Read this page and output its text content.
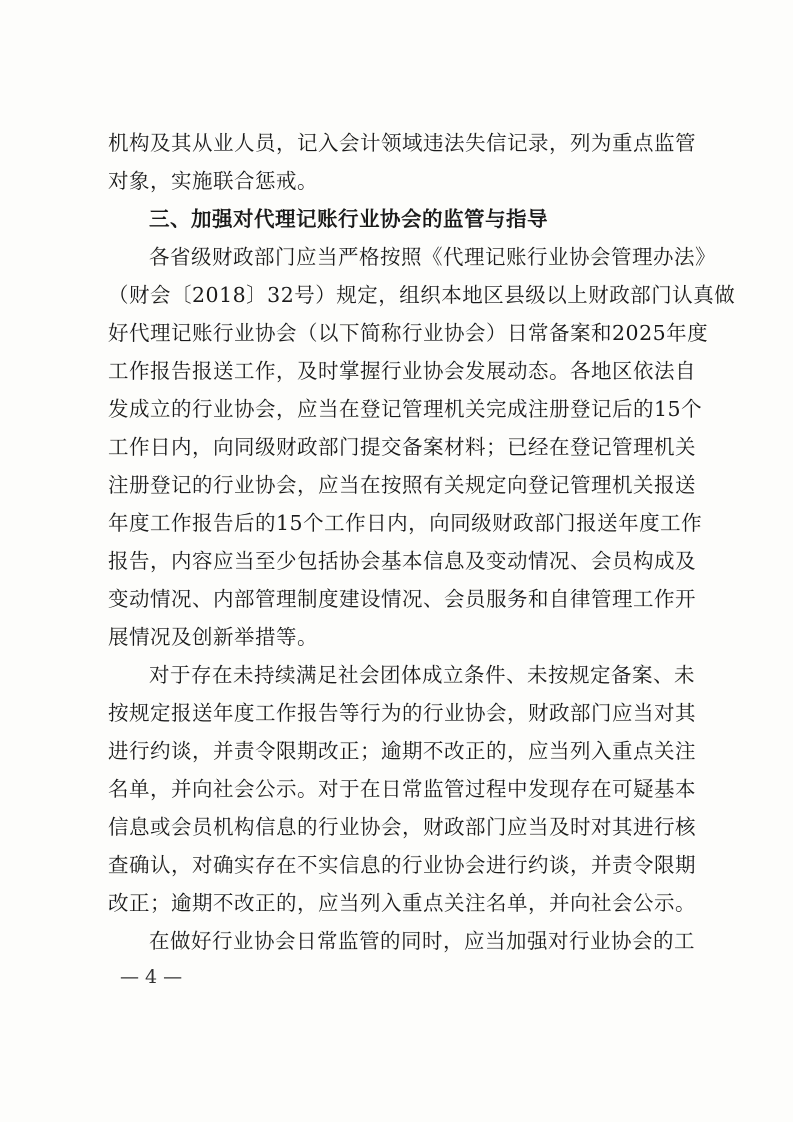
机构及其从业人员，记入会计领域违法失信记录，列为重点监管
对象，实施联合惩戒。
三、加强对代理记账行业协会的监管与指导
各省级财政部门应当严格按照《代理记账行业协会管理办法》
（财会〔2018〕32号）规定，组织本地区县级以上财政部门认真做
好代理记账行业协会（以下简称行业协会）日常备案和2025年度
工作报告报送工作，及时掌握行业协会发展动态。各地区依法自
发成立的行业协会，应当在登记管理机关完成注册登记后的15个
工作日内，向同级财政部门提交备案材料；已经在登记管理机关
注册登记的行业协会，应当在按照有关规定向登记管理机关报送
年度工作报告后的15个工作日内，向同级财政部门报送年度工作
报告，内容应当至少包括协会基本信息及变动情况、会员构成及
变动情况、内部管理制度建设情况、会员服务和自律管理工作开
展情况及创新举措等。
对于存在未持续满足社会团体成立条件、未按规定备案、未
按规定报送年度工作报告等行为的行业协会，财政部门应当对其
进行约谈，并责令限期改正；逾期不改正的，应当列入重点关注
名单，并向社会公示。对于在日常监管过程中发现存在可疑基本
信息或会员机构信息的行业协会，财政部门应当及时对其进行核
查确认，对确实存在不实信息的行业协会进行约谈，并责令限期
改正；逾期不改正的，应当列入重点关注名单，并向社会公示。
在做好行业协会日常监管的同时，应当加强对行业协会的工
— 4 —
